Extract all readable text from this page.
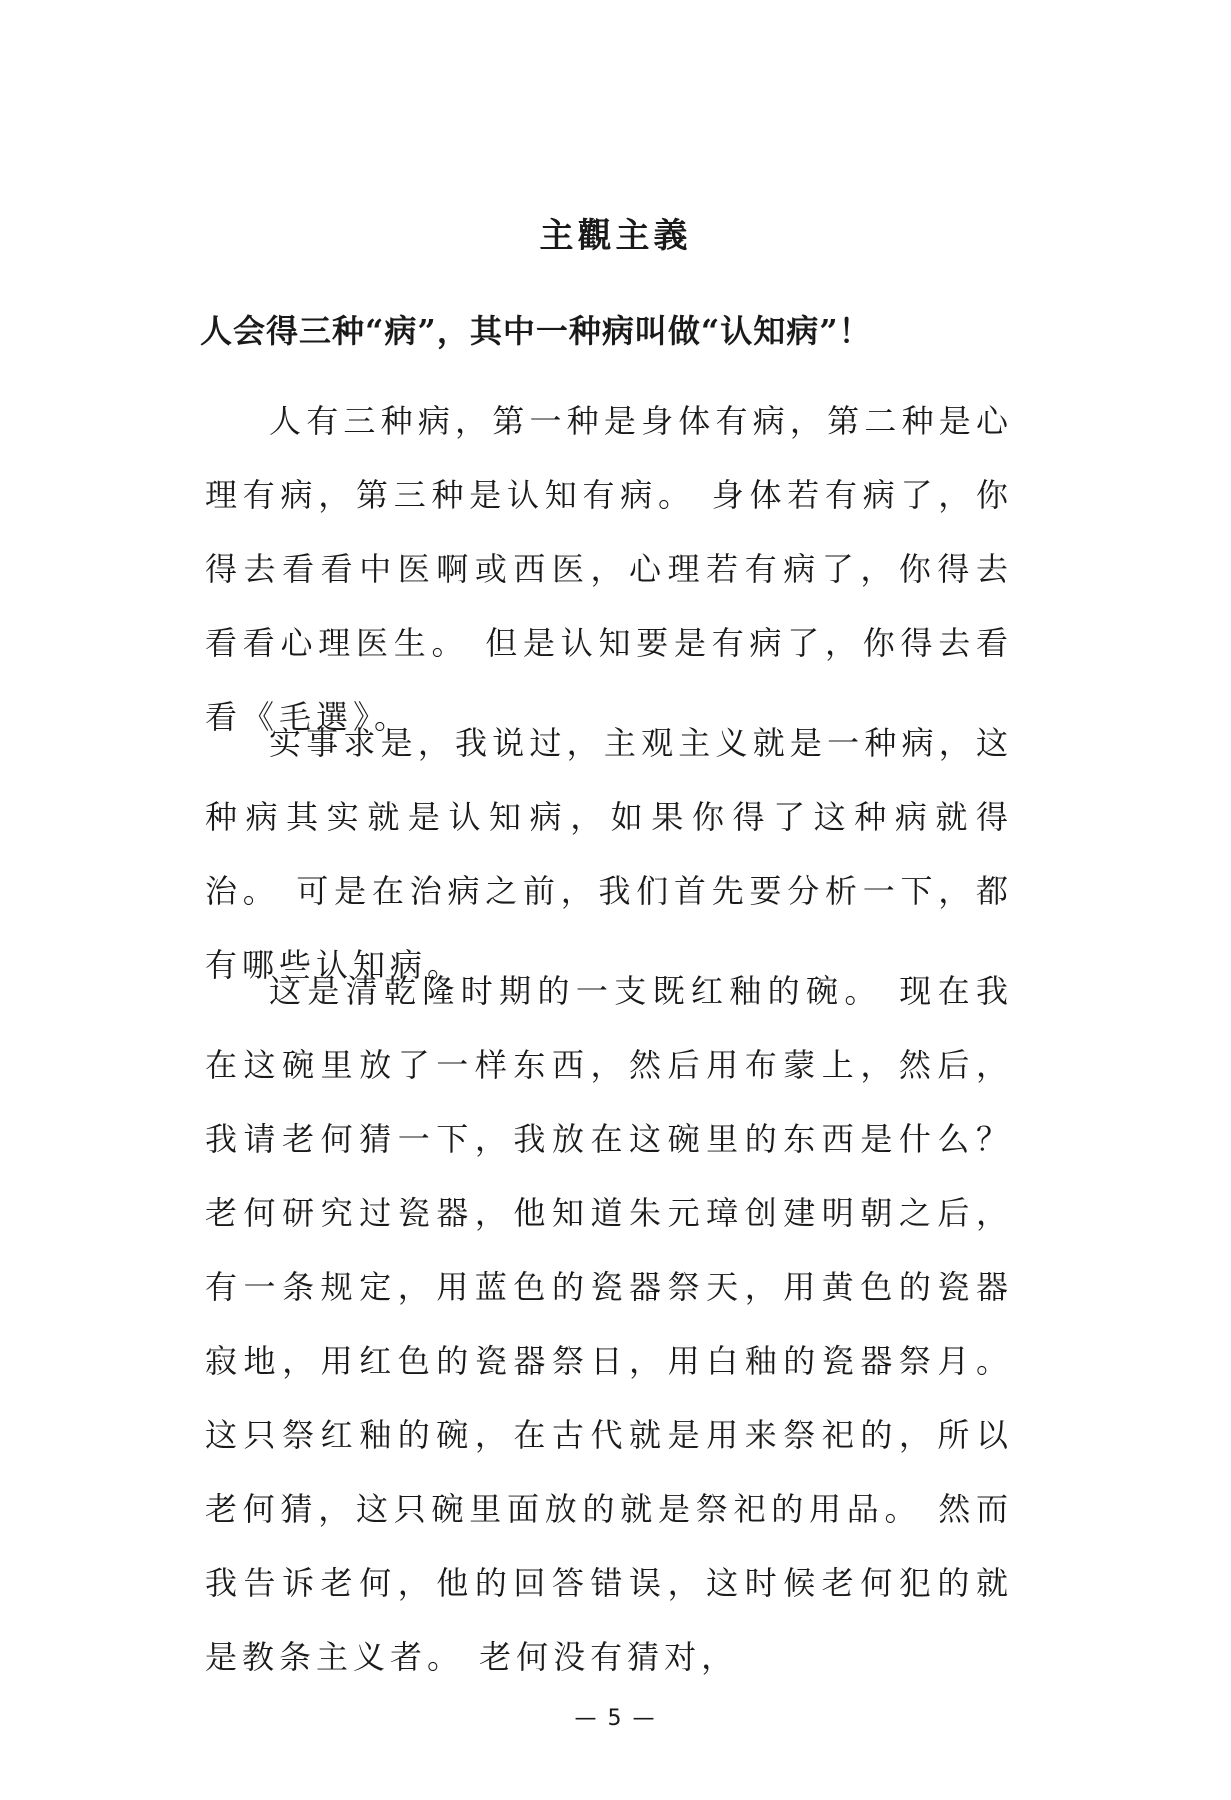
主觀主義
人会得三种“病”，其中一种病叫做“认知病”！

人有三种病，第一种是身体有病，第二种是心理有病，第三种是认知有病。 身体若有病了，你得去看看中医啊或西医，心理若有病了，你得去看看心理医生。 但是认知要是有病了，你得去看看《毛選》。

实事求是，我说过，主观主义就是一种病，这种病其实就是认知病，如果你得了这种病就得治。 可是在治病之前，我们首先要分析一下，都有哪些认知病。

这是清乾隆时期的一支既红釉的碗。 现在我在这碗里放了一样东西，然后用布蒙上，然后，我请老何猜一下，我放在这碗里的东西是什么？ 老何研究过瓷器，他知道朱元璋创建明朝之后，有一条规定，用蓝色的瓷器祭天，用黄色的瓷器寂地，用红色的瓷器祭日，用白釉的瓷器祭月。这只祭红釉的碗，在古代就是用来祭祀的，所以老何猜，这只碗里面放的就是祭祀的用品。 然而我告诉老何，他的回答错误，这时候老何犯的就是教条主义者。 老何没有猜对，

— 5 —
